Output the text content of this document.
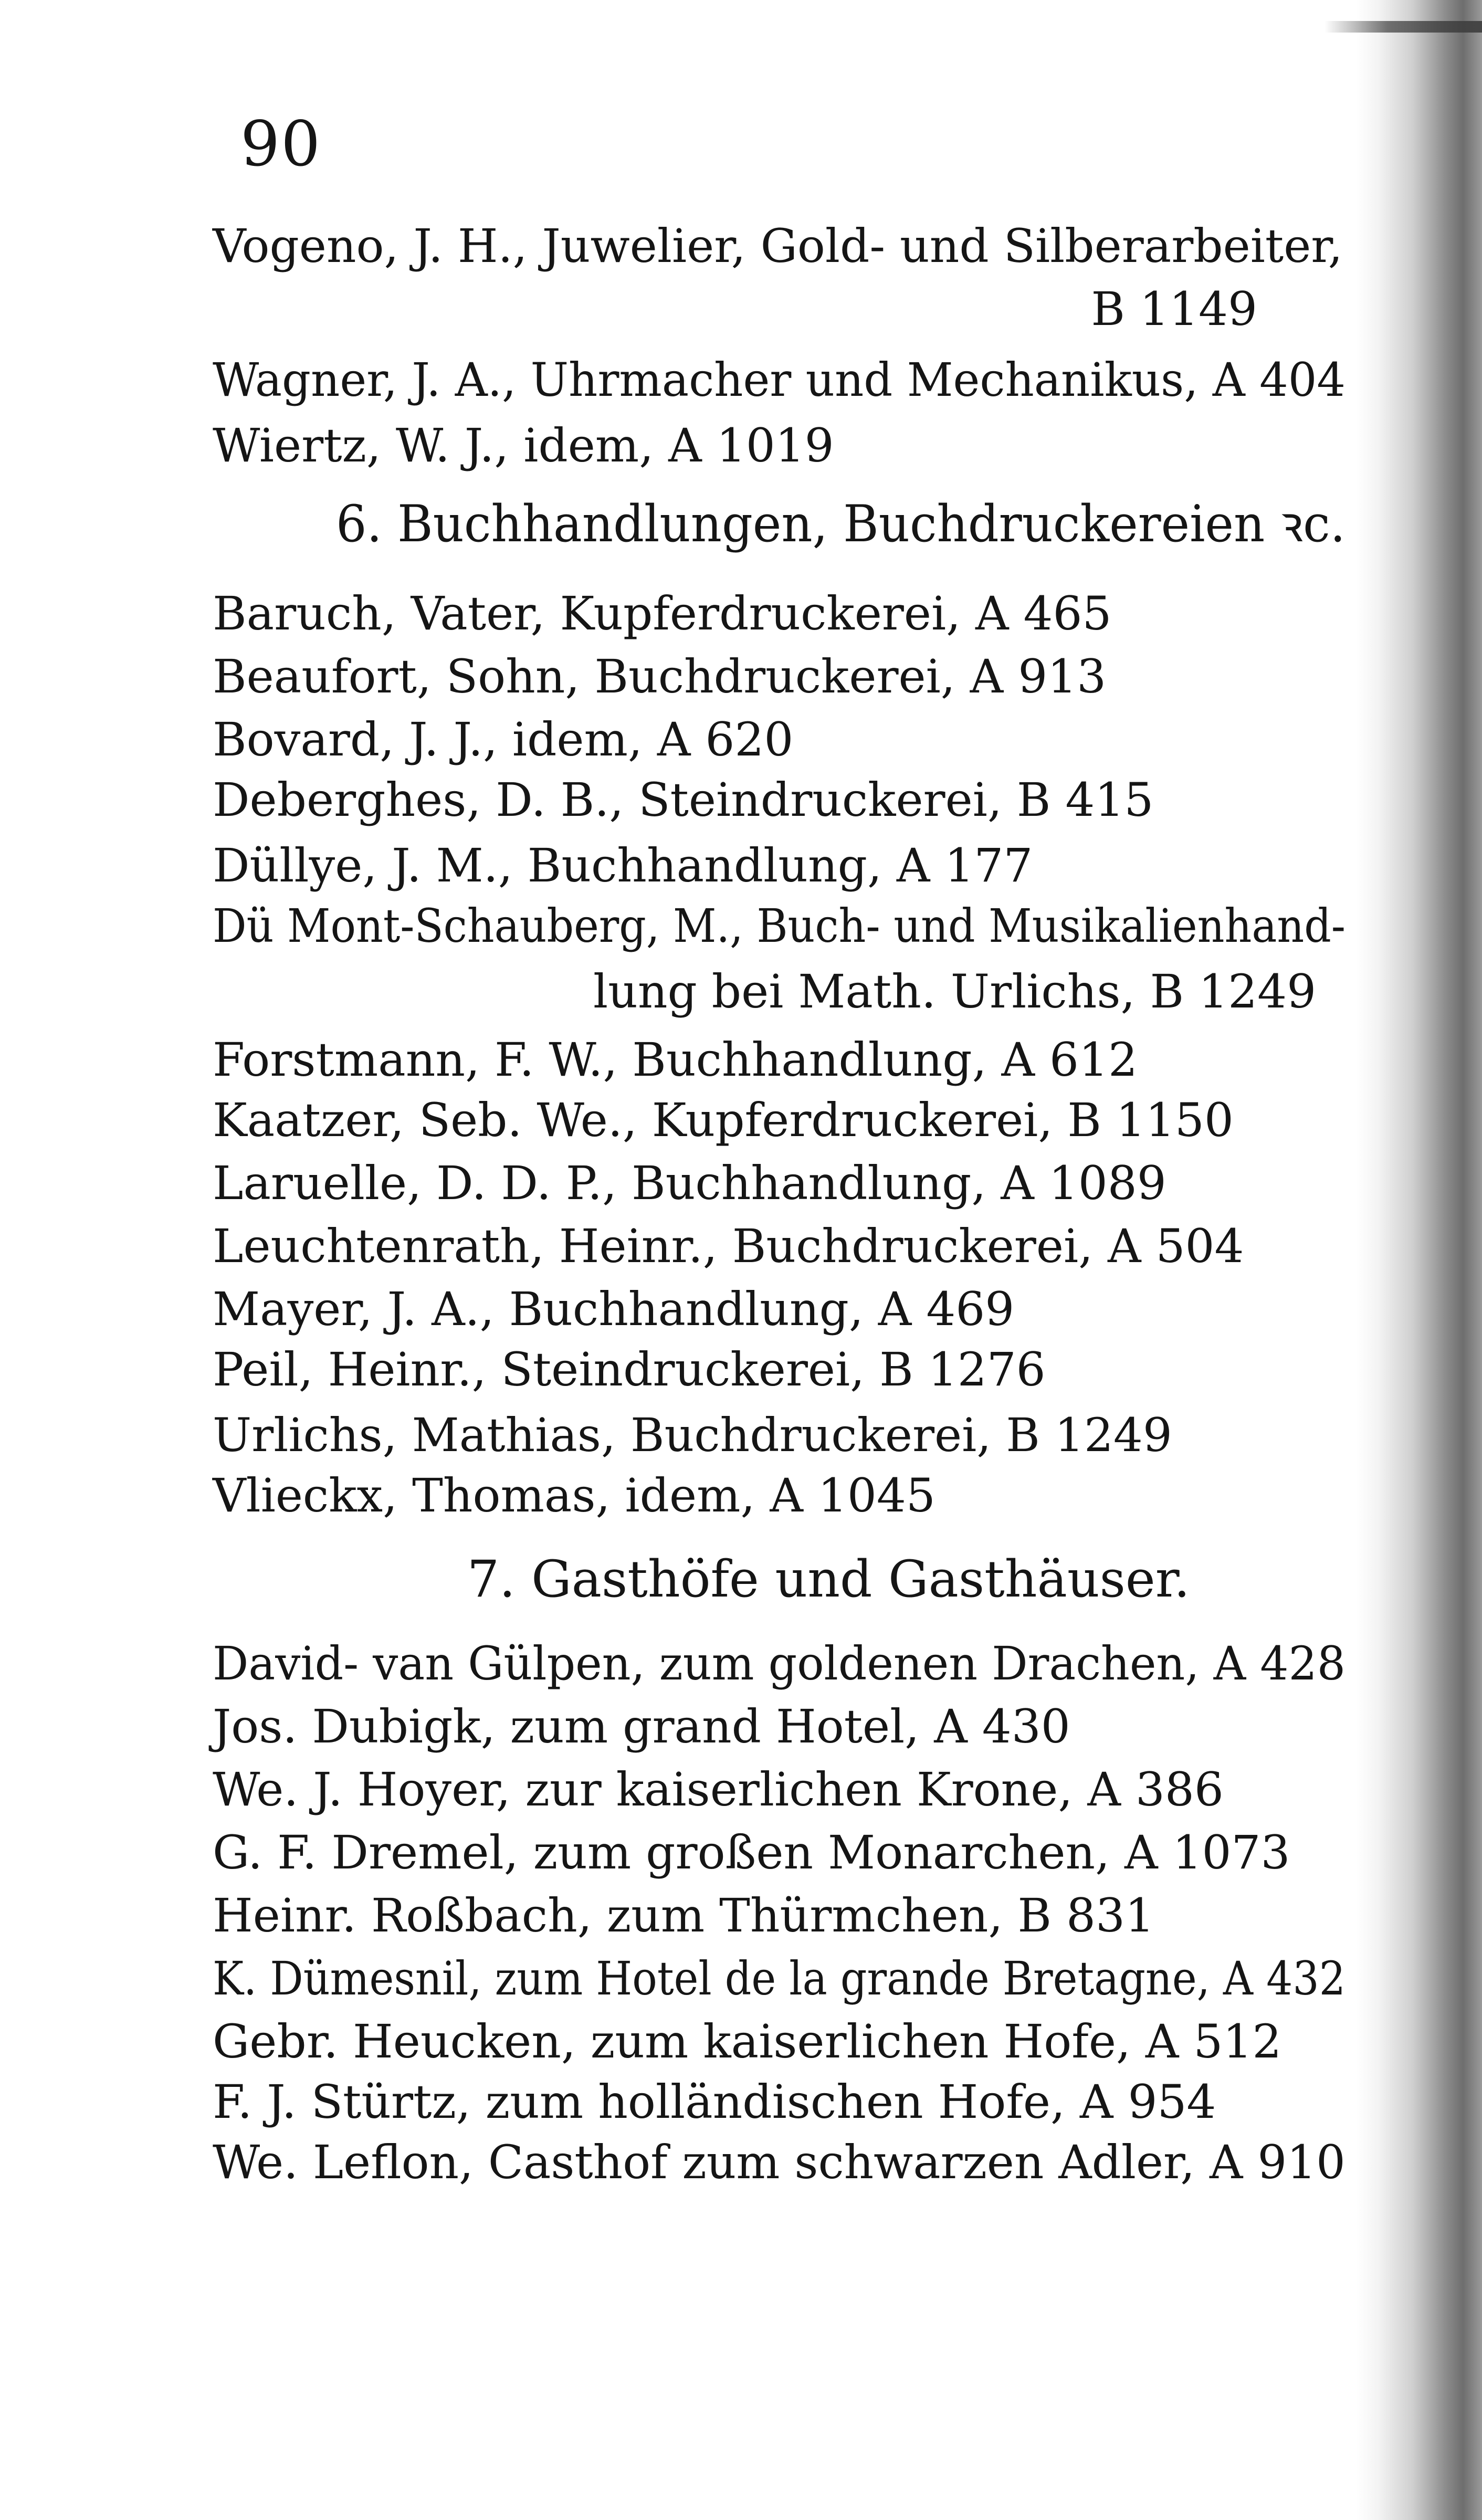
90
Vogeno, J. H., Juwelier, Gold- und Silberarbeiter,
B 1149
Wagner, J. A., Uhrmacher und Mechanikus, A 404
Wiertz, W. J., idem, A 1019
6. Buchhandlungen, Buchdruckereien ꝛc.
Baruch, Vater, Kupferdruckerei, A 465
Beaufort, Sohn, Buchdruckerei, A 913
Bovard, J. J., idem, A 620
Deberghes, D. B., Steindruckerei, B 415
Düllye, J. M., Buchhandlung, A 177
Dü Mont-Schauberg, M., Buch- und Musikalienhand-
lung bei Math. Urlichs, B 1249
Forstmann, F. W., Buchhandlung, A 612
Kaatzer, Seb. We., Kupferdruckerei, B 1150
Laruelle, D. D. P., Buchhandlung, A 1089
Leuchtenrath, Heinr., Buchdruckerei, A 504
Mayer, J. A., Buchhandlung, A 469
Peil, Heinr., Steindruckerei, B 1276
Urlichs, Mathias, Buchdruckerei, B 1249
Vlieckx, Thomas, idem, A 1045
7. Gasthöfe und Gasthäuser.
David- van Gülpen, zum goldenen Drachen, A 428
Jos. Dubigk, zum grand Hotel, A 430
We. J. Hoyer, zur kaiserlichen Krone, A 386
G. F. Dremel, zum großen Monarchen, A 1073
Heinr. Roßbach, zum Thürmchen, B 831
K. Dümesnil, zum Hotel de la grande Bretagne, A 432
Gebr. Heucken, zum kaiserlichen Hofe, A 512
F. J. Stürtz, zum holländischen Hofe, A 954
We. Leflon, Casthof zum schwarzen Adler, A 910
